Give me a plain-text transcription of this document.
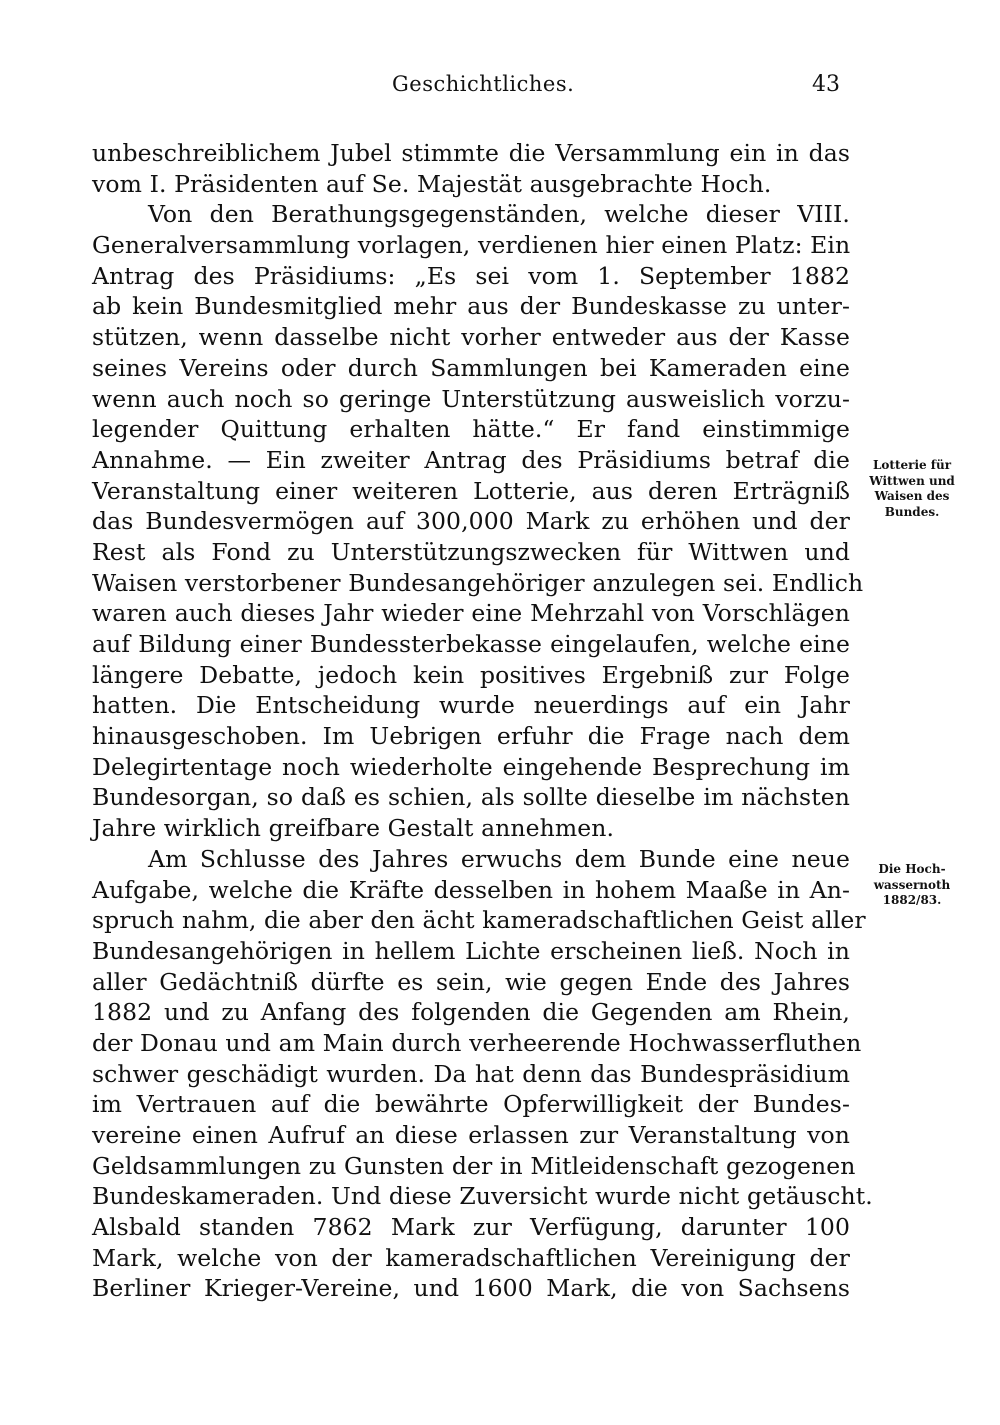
Geschichtliches.	43
unbeschreiblichem Jubel stimmte die Versammlung ein in das
vom I. Präsidenten auf Se. Majestät ausgebrachte Hoch.
Von den Berathungsgegenständen, welche dieser VIII.
Generalversammlung vorlagen, verdienen hier einen Platz: Ein
Antrag des Präsidiums: „Es sei vom 1. September 1882
ab kein Bundesmitglied mehr aus der Bundeskasse zu unter-
stützen, wenn dasselbe nicht vorher entweder aus der Kasse
seines Vereins oder durch Sammlungen bei Kameraden eine
wenn auch noch so geringe Unterstützung ausweislich vorzu-
legender Quittung erhalten hätte.“ Er fand einstimmige
Annahme. — Ein zweiter Antrag des Präsidiums betraf die
Veranstaltung einer weiteren Lotterie, aus deren Erträgniß
das Bundesvermögen auf 300,000 Mark zu erhöhen und der
Rest als Fond zu Unterstützungszwecken für Wittwen und
Waisen verstorbener Bundesangehöriger anzulegen sei. Endlich
waren auch dieses Jahr wieder eine Mehrzahl von Vorschlägen
auf Bildung einer Bundessterbekasse eingelaufen, welche eine
längere Debatte, jedoch kein positives Ergebniß zur Folge
hatten. Die Entscheidung wurde neuerdings auf ein Jahr
hinausgeschoben. Im Uebrigen erfuhr die Frage nach dem
Delegirtentage noch wiederholte eingehende Besprechung im
Bundesorgan, so daß es schien, als sollte dieselbe im nächsten
Jahre wirklich greifbare Gestalt annehmen.
Am Schlusse des Jahres erwuchs dem Bunde eine neue
Aufgabe, welche die Kräfte desselben in hohem Maaße in An-
spruch nahm, die aber den ächt kameradschaftlichen Geist aller
Bundesangehörigen in hellem Lichte erscheinen ließ. Noch in
aller Gedächtniß dürfte es sein, wie gegen Ende des Jahres
1882 und zu Anfang des folgenden die Gegenden am Rhein,
der Donau und am Main durch verheerende Hochwasserfluthen
schwer geschädigt wurden. Da hat denn das Bundespräsidium
im Vertrauen auf die bewährte Opferwilligkeit der Bundes-
vereine einen Aufruf an diese erlassen zur Veranstaltung von
Geldsammlungen zu Gunsten der in Mitleidenschaft gezogenen
Bundeskameraden. Und diese Zuversicht wurde nicht getäuscht.
Alsbald standen 7862 Mark zur Verfügung, darunter 100
Mark, welche von der kameradschaftlichen Vereinigung der
Berliner Krieger-Vereine, und 1600 Mark, die von Sachsens
Lotterie für
Wittwen und
Waisen des
Bundes.
Die Hoch-
wassernoth
1882/83.
